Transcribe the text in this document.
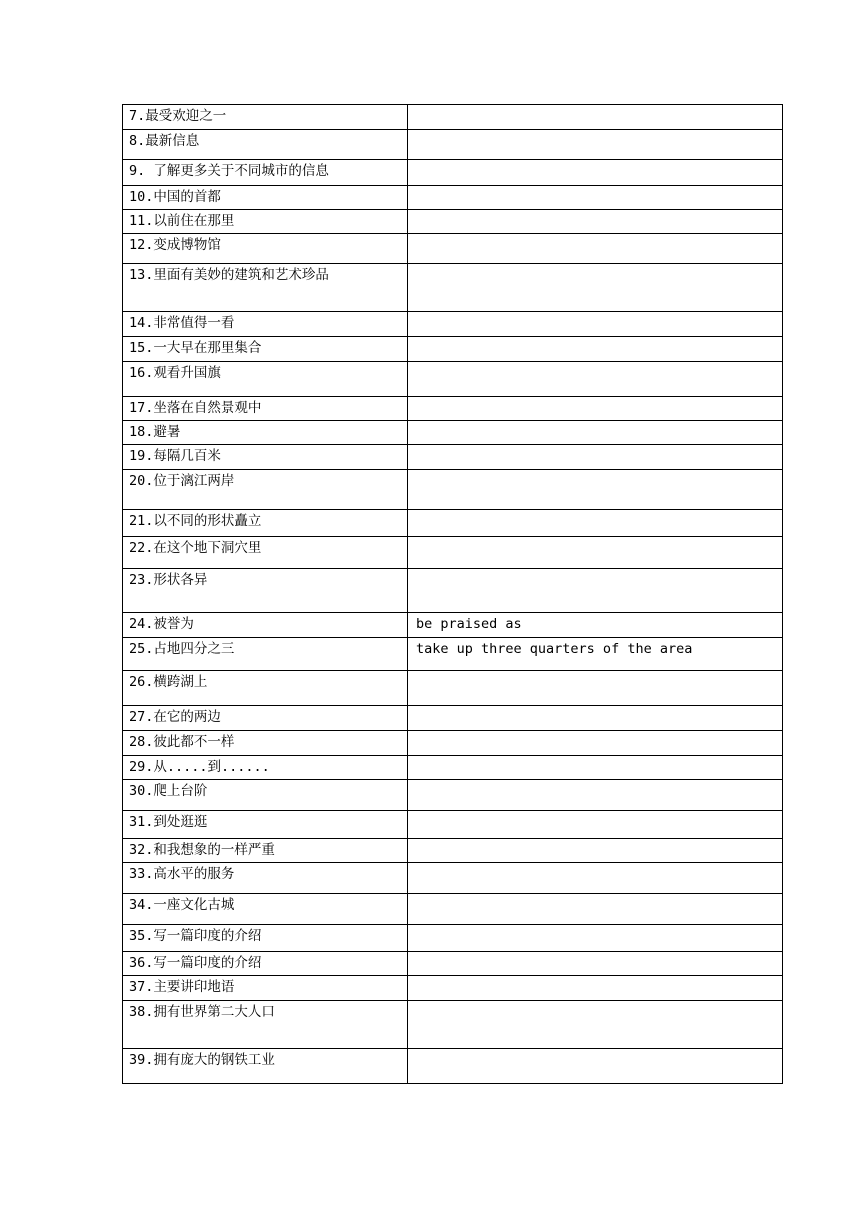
7.最受欢迎之一	
8.最新信息	
9. 了解更多关于不同城市的信息	
10.中国的首都	
11.以前住在那里	
12.变成博物馆	
13.里面有美妙的建筑和艺术珍品	
14.非常值得一看	
15.一大早在那里集合	
16.观看升国旗	
17.坐落在自然景观中	
18.避暑	
19.每隔几百米	
20.位于漓江两岸	
21.以不同的形状矗立	
22.在这个地下洞穴里	
23.形状各异	
24.被誉为	be praised as
25.占地四分之三	take up three quarters of the area
26.横跨湖上	
27.在它的两边	
28.彼此都不一样	
29.从.....到......	
30.爬上台阶	
31.到处逛逛	
32.和我想象的一样严重	
33.高水平的服务	
34.一座文化古城	
35.写一篇印度的介绍	
36.写一篇印度的介绍	
37.主要讲印地语	
38.拥有世界第二大人口	
39.拥有庞大的钢铁工业	
